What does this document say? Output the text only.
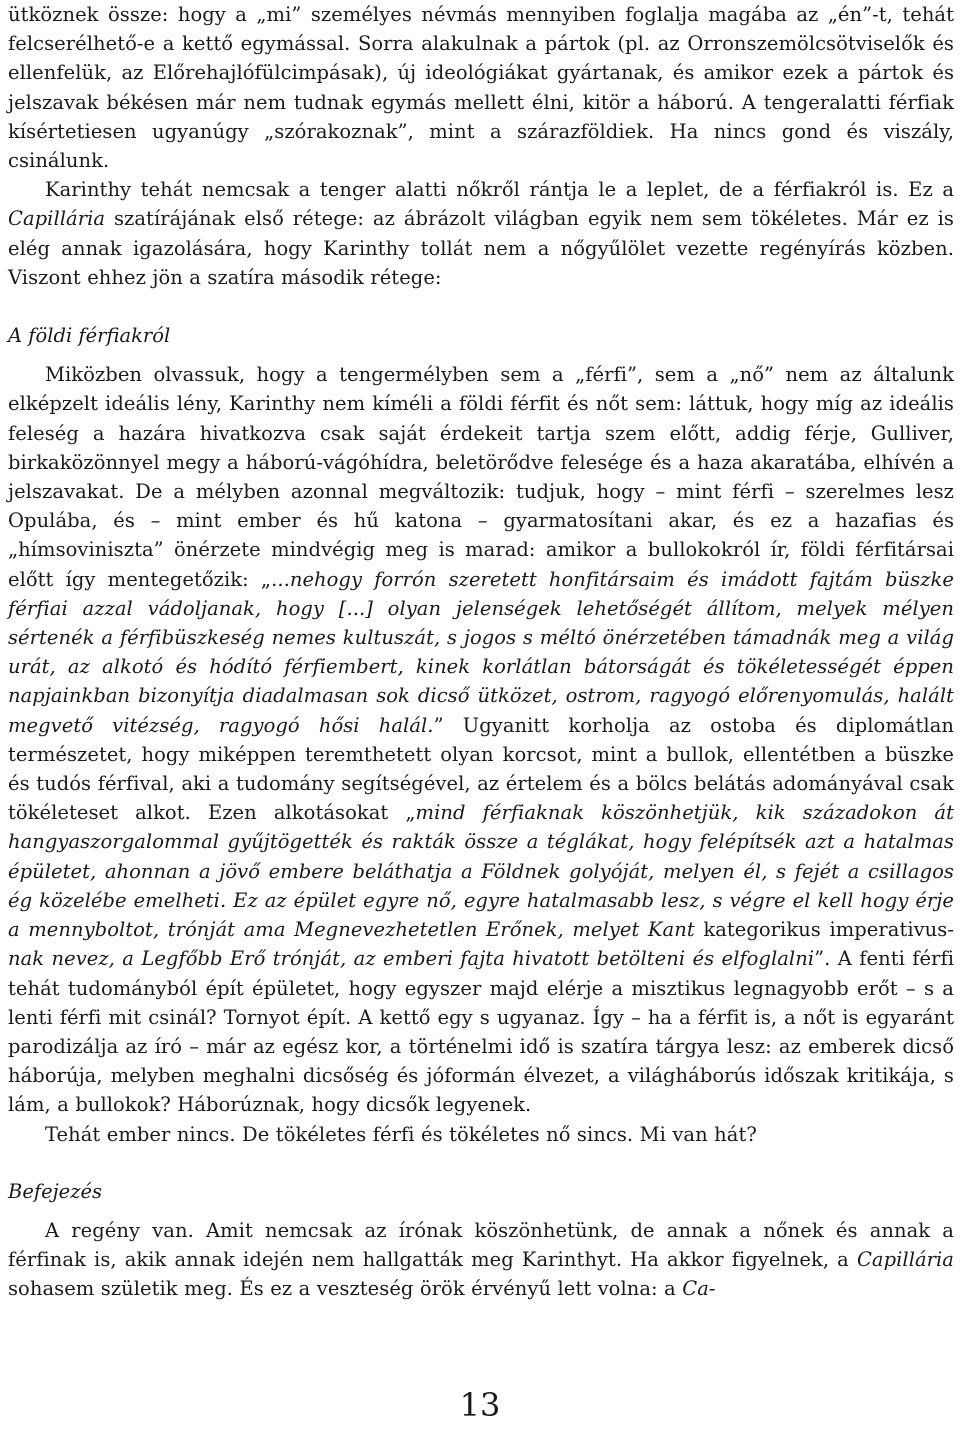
ütköznek össze: hogy a „mi” személyes névmás mennyiben foglalja magába az „én”-t, tehát felcserélhető-e a kettő egymással. Sorra alakulnak a pártok (pl. az Orronszemölcsötviselők és ellenfelük, az Előrehajlófülcimpásak), új ideológiákat gyártanak, és amikor ezek a pártok és jelszavak békésen már nem tudnak egymás mellett élni, kitör a háború. A tengeralatti férfiak kísértetiesen ugyanúgy „szórakoznak”, mint a szárazföldiek. Ha nincs gond és viszály, csinálunk.

Karinthy tehát nemcsak a tenger alatti nőkről rántja le a leplet, de a férfiakról is. Ez a Capillária szatírájának első rétege: az ábrázolt világban egyik nem sem tökéletes. Már ez is elég annak igazolására, hogy Karinthy tollát nem a nőgyűlölet vezette regényírás közben. Viszont ehhez jön a szatíra második rétege:

A földi férfiakról

Miközben olvassuk, hogy a tengermélyben sem a „férfi”, sem a „nő” nem az általunk elképzelt ideális lény, Karinthy nem kíméli a földi férfit és nőt sem: láttuk, hogy míg az ideális feleség a hazára hivatkozva csak saját érdekeit tartja szem előtt, addig férje, Gulliver, birkaközönnyel megy a háború-vágóhídra, beletörődve felesége és a haza akaratába, elhívén a jelszavakat. De a mélyben azonnal megváltozik: tudjuk, hogy – mint férfi – szerelmes lesz Opulába, és – mint ember és hű katona – gyarmatosítani akar, és ez a hazafias és „hímsoviniszta” önérzete mindvégig meg is marad: amikor a bullokokról ír, földi férfitársai előtt így mentegetőzik: „...nehogy forrón szeretett honfitársaim és imádott fajtám büszke férfiai azzal vádoljanak, hogy [...] olyan jelenségek lehetőségét állítom, melyek mélyen sértenék a férfibüszkeség nemes kultuszát, s jogos s méltó önérzetében támadnák meg a világ urát, az alkotó és hódító férfiembert, kinek korlátlan bátorságát és tökéletességét éppen napjainkban bizonyítja diadalmasan sok dicső ütközet, ostrom, ragyogó előrenyomulás, halált megvető vitézség, ragyogó hősi halál.” Ugyanitt korholja az ostoba és diplomátlan természetet, hogy miképpen teremthetett olyan korcsot, mint a bullok, ellentétben a büszke és tudós férfival, aki a tudomány segítségével, az értelem és a bölcs belátás adományával csak tökéleteset alkot. Ezen alkotásokat „mind férfiaknak köszönhetjük, kik századokon át hangyaszorgalommal gyűjtögették és rakták össze a téglákat, hogy felépítsék azt a hatalmas épületet, ahonnan a jövő embere beláthatja a Földnek golyóját, melyen él, s fejét a csillagos ég közelébe emelheti. Ez az épület egyre nő, egyre hatalmasabb lesz, s végre el kell hogy érje a mennyboltot, trónját ama Megnevezhetetlen Erőnek, melyet Kant kategorikus imperativus-nak nevez, a Legfőbb Erő trónját, az emberi fajta hivatott betölteni és elfoglalni”. A fenti férfi tehát tudományból épít épületet, hogy egyszer majd elérje a misztikus legnagyobb erőt – s a lenti férfi mit csinál? Tornyot épít. A kettő egy s ugyanaz. Így – ha a férfit is, a nőt is egyaránt parodizálja az író – már az egész kor, a történelmi idő is szatíra tárgya lesz: az emberek dicső háborúja, melyben meghalni dicsőség és jóformán élvezet, a világháborús időszak kritikája, s lám, a bullokok? Háborúznak, hogy dicsők legyenek.

Tehát ember nincs. De tökéletes férfi és tökéletes nő sincs. Mi van hát?

Befejezés

A regény van. Amit nemcsak az írónak köszönhetünk, de annak a nőnek és annak a férfinak is, akik annak idején nem hallgatták meg Karinthyt. Ha akkor figyelnek, a Capillária sohasem születik meg. És ez a veszteség örök érvényű lett volna: a Ca-

13
